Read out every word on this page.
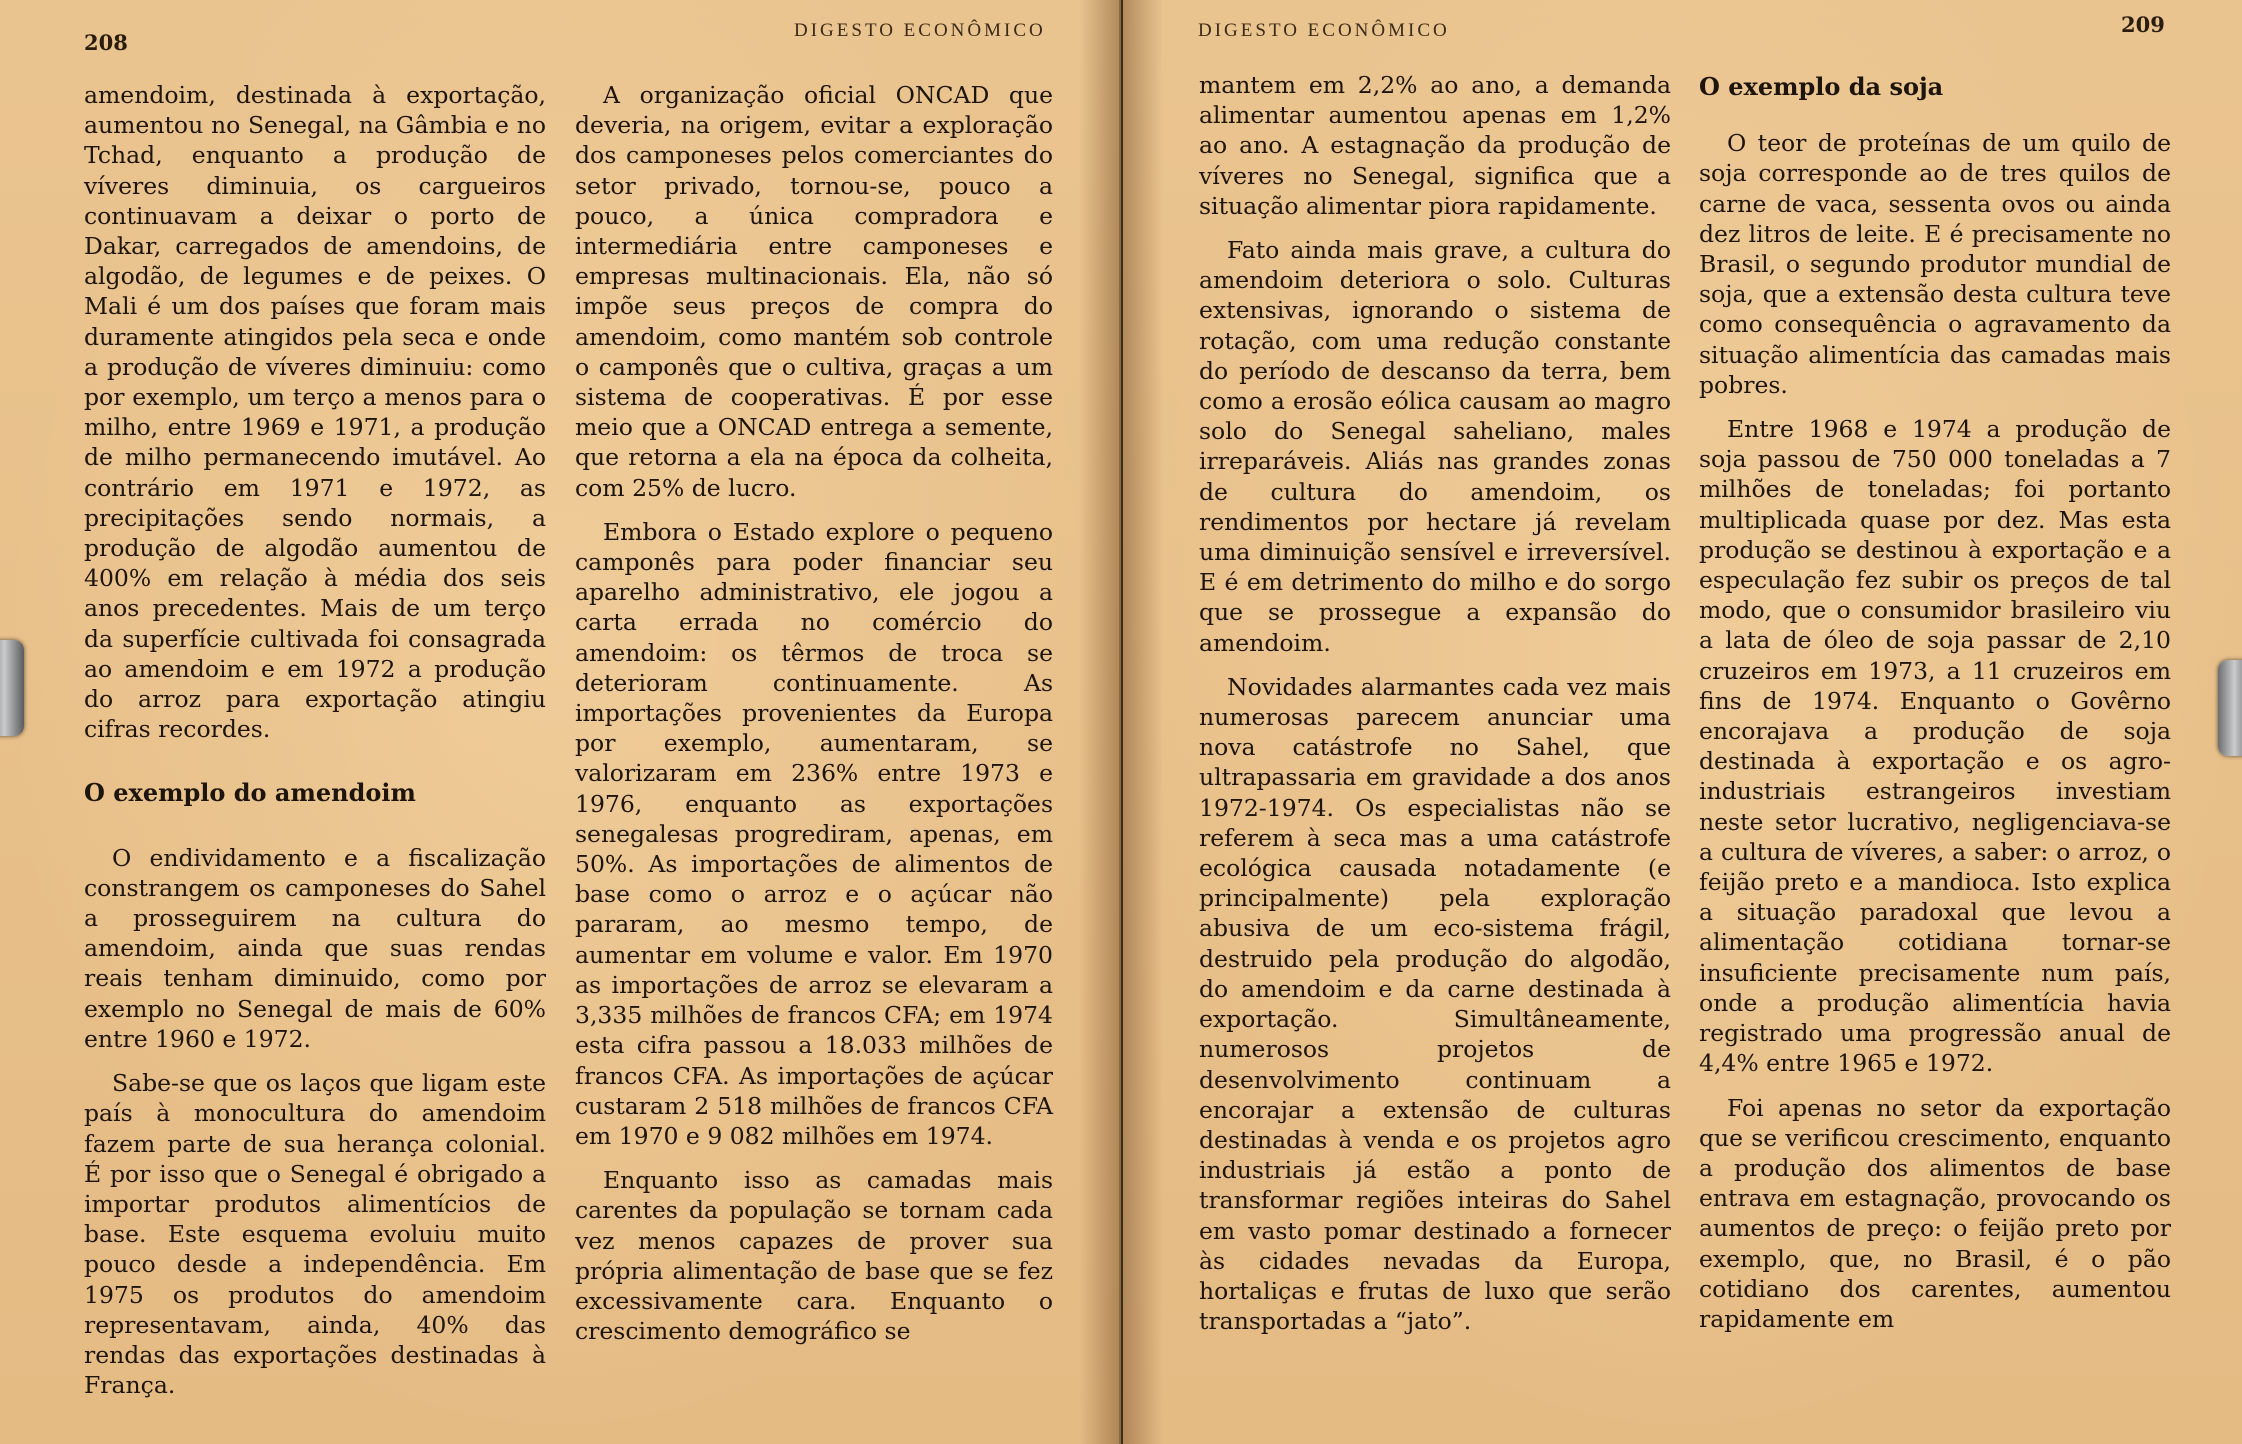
208	DIGESTO ECONÔMICO

amendoim, destinada à exportação, aumentou no Senegal, na Gâmbia e no Tchad, enquanto a produção de víveres diminuia, os cargueiros continuavam a deixar o porto de Dakar, carregados de amendoins, de algodão, de legumes e de peixes. O Mali é um dos países que foram mais duramente atingidos pela seca e onde a produção de víveres diminuiu: como por exemplo, um terço a menos para o milho, entre 1969 e 1971, a produção de milho permanecendo imutável. Ao contrário em 1971 e 1972, as precipitações sendo normais, a produção de algodão aumentou de 400% em relação à média dos seis anos precedentes. Mais de um terço da superfície cultivada foi consagrada ao amendoim e em 1972 a produção do arroz para exportação atingiu cifras recordes.

O exemplo do amendoim

O endividamento e a fiscalização constrangem os camponeses do Sahel a prosseguirem na cultura do amendoim, ainda que suas rendas reais tenham diminuido, como por exemplo no Senegal de mais de 60% entre 1960 e 1972.

Sabe-se que os laços que ligam este país à monocultura do amendoim fazem parte de sua herança colonial. É por isso que o Senegal é obrigado a importar produtos alimentícios de base. Este esquema evoluiu muito pouco desde a independência. Em 1975 os produtos do amendoim representavam, ainda, 40% das rendas das exportações destinadas à França.

A organização oficial ONCAD que deveria, na origem, evitar a exploração dos camponeses pelos comerciantes do setor privado, tornou-se, pouco a pouco, a única compradora e intermediária entre camponeses e empresas multinacionais. Ela, não só impõe seus preços de compra do amendoim, como mantém sob controle o camponês que o cultiva, graças a um sistema de cooperativas. É por esse meio que a ONCAD entrega a semente, que retorna a ela na época da colheita, com 25% de lucro.

Embora o Estado explore o pequeno camponês para poder financiar seu aparelho administrativo, ele jogou a carta errada no comércio do amendoim: os têrmos de troca se deterioram continuamente. As importações provenientes da Europa por exemplo, aumentaram, se valorizaram em 236% entre 1973 e 1976, enquanto as exportações senegalesas progrediram, apenas, em 50%. As importações de alimentos de base como o arroz e o açúcar não pararam, ao mesmo tempo, de aumentar em volume e valor. Em 1970 as importações de arroz se elevaram a 3,335 milhões de francos CFA; em 1974 esta cifra passou a 18.033 milhões de francos CFA. As importações de açúcar custaram 2 518 milhões de francos CFA em 1970 e 9 082 milhões em 1974.

Enquanto isso as camadas mais carentes da população se tornam cada vez menos capazes de prover sua própria alimentação de base que se fez excessivamente cara. Enquanto o crescimento demográfico se

DIGESTO ECONÔMICO	209

mantem em 2,2% ao ano, a demanda alimentar aumentou apenas em 1,2% ao ano. A estagnação da produção de víveres no Senegal, significa que a situação alimentar piora rapidamente.

Fato ainda mais grave, a cultura do amendoim deteriora o solo. Culturas extensivas, ignorando o sistema de rotação, com uma redução constante do período de descanso da terra, bem como a erosão eólica causam ao magro solo do Senegal saheliano, males irreparáveis. Aliás nas grandes zonas de cultura do amendoim, os rendimentos por hectare já revelam uma diminuição sensível e irreversível. E é em detrimento do milho e do sorgo que se prossegue a expansão do amendoim.

Novidades alarmantes cada vez mais numerosas parecem anunciar uma nova catástrofe no Sahel, que ultrapassaria em gravidade a dos anos 1972-1974. Os especialistas não se referem à seca mas a uma catástrofe ecológica causada notadamente (e principalmente) pela exploração abusiva de um eco-sistema frágil, destruido pela produção do algodão, do amendoim e da carne destinada à exportação. Simultâneamente, numerosos projetos de desenvolvimento continuam a encorajar a extensão de culturas destinadas à venda e os projetos agro industriais já estão a ponto de transformar regiões inteiras do Sahel em vasto pomar destinado a fornecer às cidades nevadas da Europa, hortaliças e frutas de luxo que serão transportadas a “jato”.

O exemplo da soja

O teor de proteínas de um quilo de soja corresponde ao de tres quilos de carne de vaca, sessenta ovos ou ainda dez litros de leite. E é precisamente no Brasil, o segundo produtor mundial de soja, que a extensão desta cultura teve como consequência o agravamento da situação alimentícia das camadas mais pobres.

Entre 1968 e 1974 a produção de soja passou de 750 000 toneladas a 7 milhões de toneladas; foi portanto multiplicada quase por dez. Mas esta produção se destinou à exportação e a especulação fez subir os preços de tal modo, que o consumidor brasileiro viu a lata de óleo de soja passar de 2,10 cruzeiros em 1973, a 11 cruzeiros em fins de 1974. Enquanto o Govêrno encorajava a produção de soja destinada à exportação e os agro-industriais estrangeiros investiam neste setor lucrativo, negligenciava-se a cultura de víveres, a saber: o arroz, o feijão preto e a mandioca. Isto explica a situação paradoxal que levou a alimentação cotidiana tornar-se insuficiente precisamente num país, onde a produção alimentícia havia registrado uma progressão anual de 4,4% entre 1965 e 1972.

Foi apenas no setor da exportação que se verificou crescimento, enquanto a produção dos alimentos de base entrava em estagnação, provocando os aumentos de preço: o feijão preto por exemplo, que, no Brasil, é o pão cotidiano dos carentes, aumentou rapidamente em
